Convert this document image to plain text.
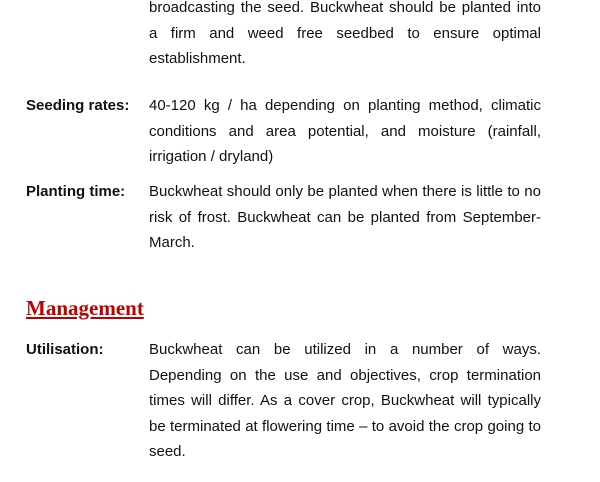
broadcasting the seed. Buckwheat should be planted into a firm and weed free seedbed to ensure optimal establishment.

Seeding rates: 40-120 kg / ha depending on planting method, climatic conditions and area potential, and moisture (rainfall, irrigation / dryland)

Planting time: Buckwheat should only be planted when there is little to no risk of frost. Buckwheat can be planted from September-March.

Management
Utilisation:	Buckwheat can be utilized in a number of ways. Depending on the use and objectives, crop termination times will differ. As a cover crop, Buckwheat will typically be terminated at flowering time – to avoid the crop going to seed.
